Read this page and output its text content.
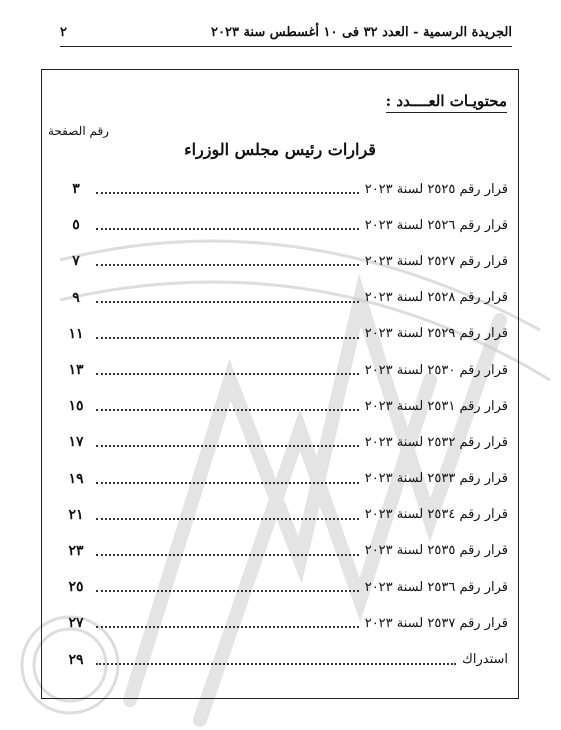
الجريدة الرسمية - العدد ٣٢ فى ١٠ أغسطس سنة ٢٠٢٣
٢
محتويـات العــــدد :
رقم الصفحة
قرارات رئيس مجلس الوزراء
قرار رقم ٢٥٢٥ لسنة ٢٠٢٣
٣
قرار رقم ٢٥٢٦ لسنة ٢٠٢٣
٥
قرار رقم ٢٥٢٧ لسنة ٢٠٢٣
٧
قرار رقم ٢٥٢٨ لسنة ٢٠٢٣
٩
قرار رقم ٢٥٢٩ لسنة ٢٠٢٣
١١
قرار رقم ٢٥٣٠ لسنة ٢٠٢٣
١٣
قرار رقم ٢٥٣١ لسنة ٢٠٢٣
١٥
قرار رقم ٢٥٣٢ لسنة ٢٠٢٣
١٧
قرار رقم ٢٥٣٣ لسنة ٢٠٢٣
١٩
قرار رقم ٢٥٣٤ لسنة ٢٠٢٣
٢١
قرار رقم ٢٥٣٥ لسنة ٢٠٢٣
٢٣
قرار رقم ٢٥٣٦ لسنة ٢٠٢٣
٢٥
قرار رقم ٢٥٣٧ لسنة ٢٠٢٣
٢٧
استدراك
٢٩
